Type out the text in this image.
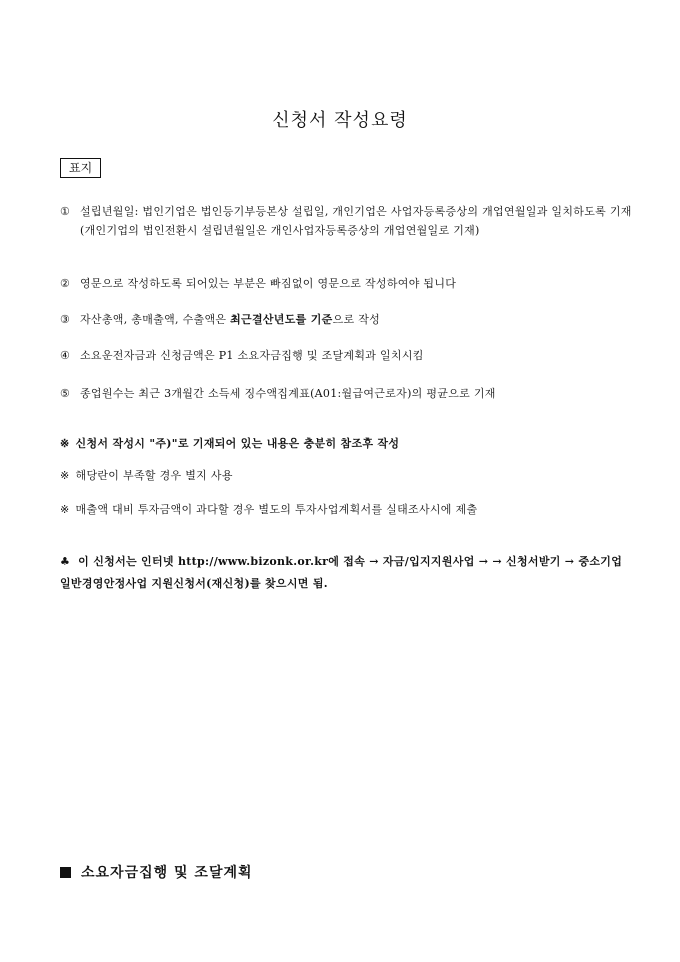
신청서 작성요령
표지
① 설립년월일: 법인기업은 법인등기부등본상 설립일, 개인기업은 사업자등록증상의 개업연월일과 일치하도록 기재(개인기업의 법인전환시 설립년월일은 개인사업자등록증상의 개업연월일로 기재)
② 영문으로 작성하도록 되어있는 부분은 빠짐없이 영문으로 작성하여야 됩니다
③ 자산총액, 총매출액, 수출액은 최근결산년도를 기준으로 작성
④ 소요운전자금과 신청금액은 P1 소요자금집행 및 조달계획과 일치시킴
⑤ 종업원수는 최근 3개월간 소득세 징수액집계표(A01:월급여근로자)의 평균으로 기재
※ 신청서 작성시 "주)"로 기재되어 있는 내용은 충분히 참조후 작성
※ 해당란이 부족할 경우 별지 사용
※ 매출액 대비 투자금액이 과다할 경우 별도의 투자사업계획서를 실태조사시에 제출
♣ 이 신청서는 인터넷 http://www.bizonk.or.kr에 접속 → 자금/입지지원사업 → → 신청서받기 → 중소기업 일반경영안정사업 지원신청서(재신청)를 찾으시면 됨.
소요자금집행 및 조달계획
